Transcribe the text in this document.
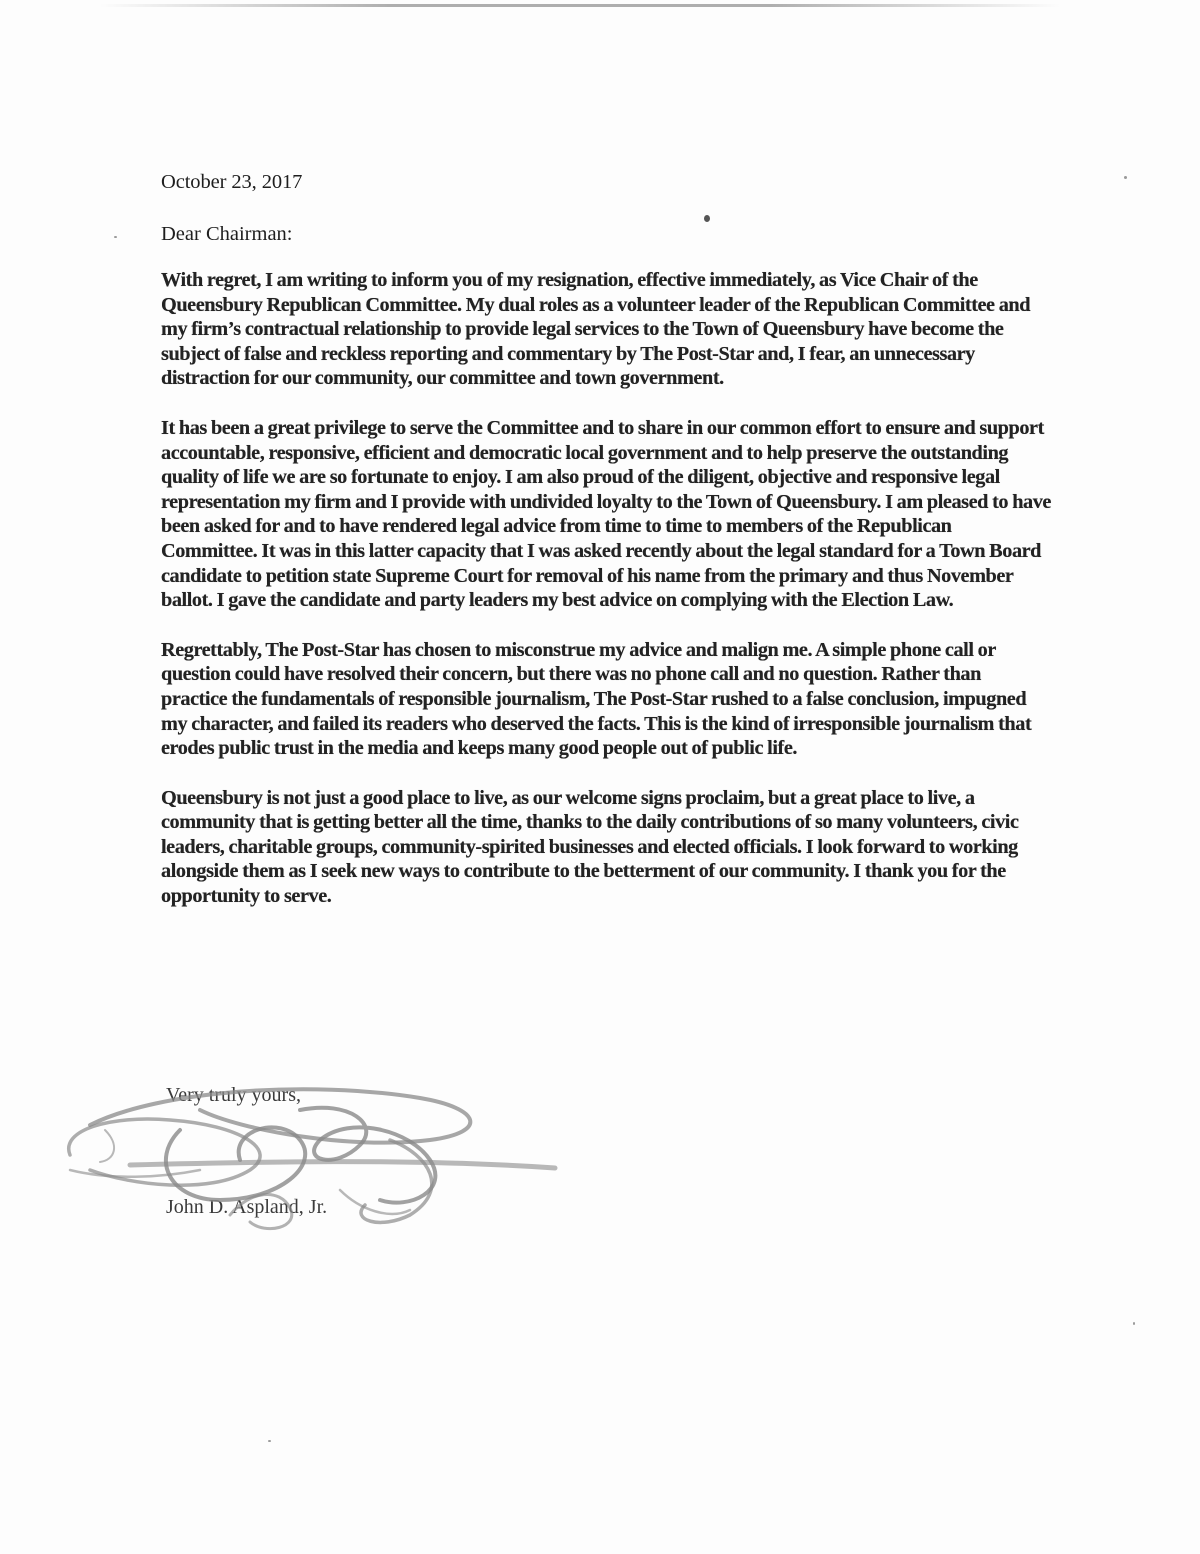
October 23, 2017

Dear Chairman:

With regret, I am writing to inform you of my resignation, effective immediately, as Vice Chair of the Queensbury Republican Committee. My dual roles as a volunteer leader of the Republican Committee and my firm’s contractual relationship to provide legal services to the Town of Queensbury have become the subject of false and reckless reporting and commentary by The Post-Star and, I fear, an unnecessary distraction for our community, our committee and town government.

It has been a great privilege to serve the Committee and to share in our common effort to ensure and support accountable, responsive, efficient and democratic local government and to help preserve the outstanding quality of life we are so fortunate to enjoy. I am also proud of the diligent, objective and responsive legal representation my firm and I provide with undivided loyalty to the Town of Queensbury. I am pleased to have been asked for and to have rendered legal advice from time to time to members of the Republican Committee. It was in this latter capacity that I was asked recently about the legal standard for a Town Board candidate to petition state Supreme Court for removal of his name from the primary and thus November ballot. I gave the candidate and party leaders my best advice on complying with the Election Law.

Regrettably, The Post-Star has chosen to misconstrue my advice and malign me. A simple phone call or question could have resolved their concern, but there was no phone call and no question. Rather than practice the fundamentals of responsible journalism, The Post-Star rushed to a false conclusion, impugned my character, and failed its readers who deserved the facts. This is the kind of irresponsible journalism that erodes public trust in the media and keeps many good people out of public life.

Queensbury is not just a good place to live, as our welcome signs proclaim, but a great place to live, a community that is getting better all the time, thanks to the daily contributions of so many volunteers, civic leaders, charitable groups, community-spirited businesses and elected officials. I look forward to working alongside them as I seek new ways to contribute to the betterment of our community. I thank you for the opportunity to serve.

Very truly yours,
John D. Aspland, Jr.
